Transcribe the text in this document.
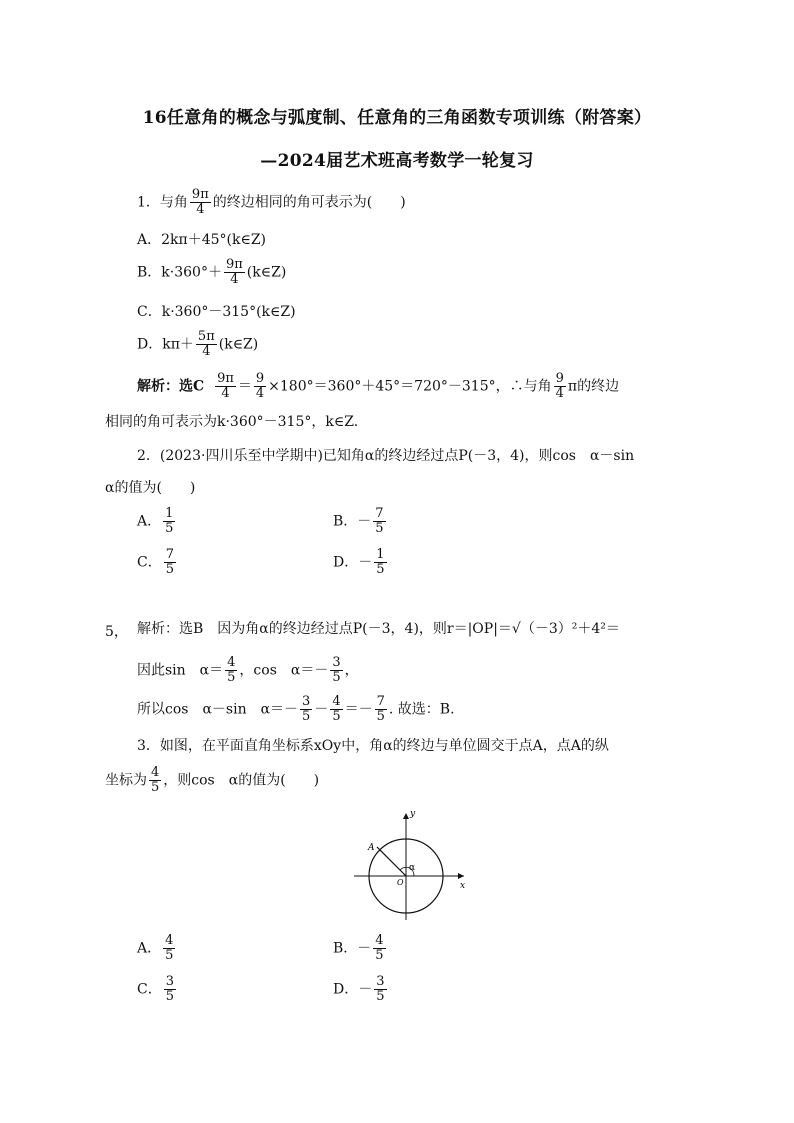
16任意角的概念与弧度制、任意角的三角函数专项训练（附答案）
—2024届艺术班高考数学一轮复习
1．与角 $\frac{9\pi}{4}$ 的终边相同的角可表示为(　　)
A．2kπ＋45°(k∈Z)
B．$k\cdot 360^\circ+ \frac{9\pi}{4}$ (k∈Z)
C．k·360°－315°(k∈Z)
D．$k\pi+ \frac{5\pi}{4}$ (k∈Z)
解析：选C $\frac{9\pi}{4} = \frac{9}{4} \times 180^\circ=360^\circ+45^\circ=720^\circ-315^\circ$，∴与角 $\frac{9}{4}$ π的终边
相同的角可表示为k·360°－315°，k∈Z.
2．(2023·四川乐至中学期中)已知角α的终边经过点P(－3，4)，则cos　α－sin
α的值为(　　)
A． $\frac{1}{5}$	B．－ $\frac{7}{5}$
C． $\frac{7}{5}$	D．－ $\frac{1}{5}$
解析：选B　因为角α的终边经过点P(－3，4)，则r＝|OP|＝√（－3）²＋4²＝
5，
因此sin　$\alpha= \frac{4}{5}$ ，cos　$\alpha=- \frac{3}{5}$ ，
所以cos　α－sin　$\alpha=- \frac{3}{5} - \frac{4}{5} =- \frac{7}{5}$ . 故选：B.
3．如图，在平面直角坐标系xOy中，角α的终边与单位圆交于点A，点A的纵
坐标为 $\frac{4}{5}$ ，则cos　α的值为(　　)
y
x
O
A
α
A． $\frac{4}{5}$	B．－ $\frac{4}{5}$
C． $\frac{3}{5}$	D．－ $\frac{3}{5}$
